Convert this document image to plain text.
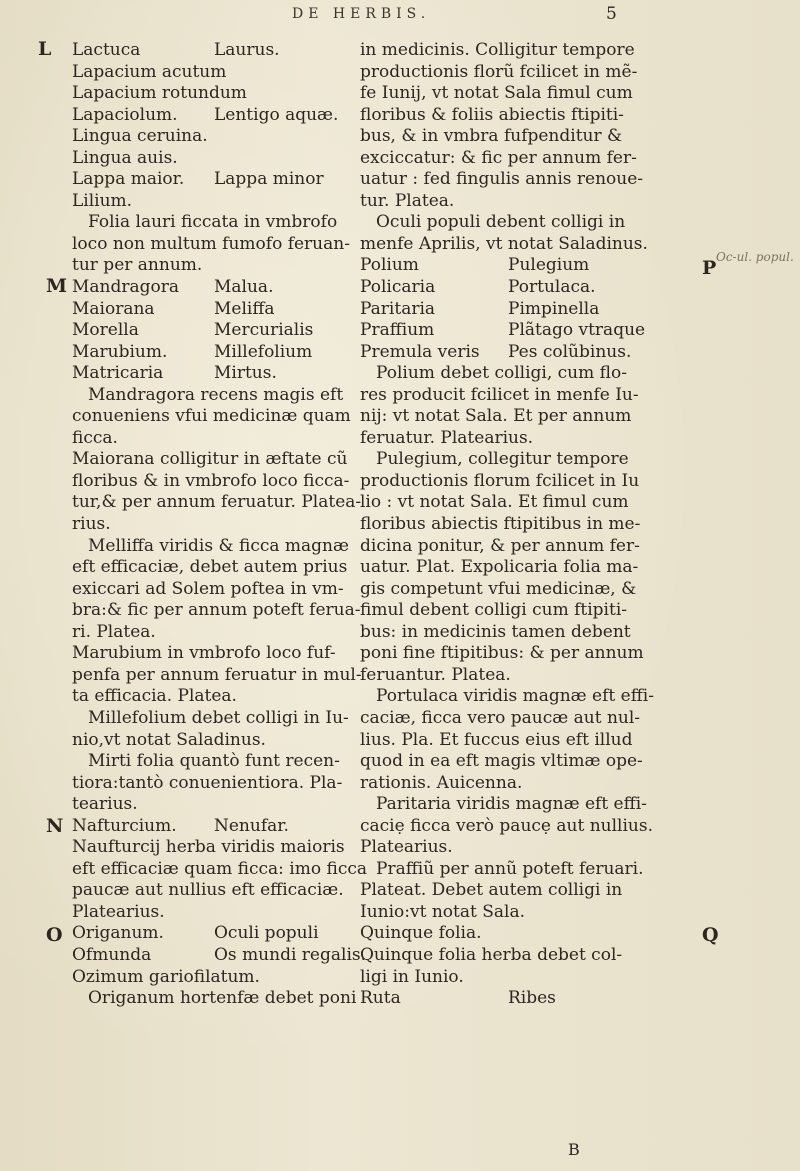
DE HERBIS.	5
L
M
N
O
P
Q
Lactuca	Laurus.
Lapacium acutum
Lapacium rotundum
Lapaciolum.	Lentigo aquæ.
Lingua ceruina.
Lingua auis.
Lappa maior.	Lappa minor
Lilium.
Folia lauri ficcata in vmbrofo
loco non multum fumofo feruan-
tur per annum.
Mandragora	Malua.
Maiorana	Meliffa
Morella	Mercurialis
Marubium.	Millefolium
Matricaria	Mirtus.
Mandragora recens magis eft
conueniens vfui medicinæ quam
ficca.
Maiorana colligitur in æftate cũ
floribus & in vmbrofo loco ficca-
tur,& per annum feruatur. Platea-
rius.
Melliffa viridis & ficca magnæ
eft efficaciæ, debet autem prius
exiccari ad Solem poftea in vm-
bra:& fic per annum poteft ferua-
ri. Platea.
Marubium in vmbrofo loco fuf-
penfa per annum feruatur in mul-
ta efficacia. Platea.
Millefolium debet colligi in Iu-
nio,vt notat Saladinus.
Mirti folia quantò funt recen-
tiora:tantò conuenientiora. Pla-
tearius.
Nafturcium.	Nenufar.
Naufturcij herba viridis maioris
eft efficaciæ quam ficca: imo ficca
paucæ aut nullius eft efficaciæ.
Platearius.
Origanum.	Oculi populi
Ofmunda	Os mundi regalis.
Ozimum gariofilatum.
Origanum hortenfæ debet poni
in medicinis. Colligitur tempore
productionis florũ fcilicet in mẽ-
fe Iunij, vt notat Sala fimul cum
floribus & foliis abiectis ftipiti-
bus, & in vmbra fufpenditur &
exciccatur: & fic per annum fer-
uatur : fed fingulis annis renoue-
tur. Platea.
Oculi populi debent colligi in
menfe Aprilis, vt notat Saladinus.
Polium	Pulegium
Policaria	Portulaca.
Paritaria	Pimpinella
Praffium	Plãtago vtraque
Premula veris	Pes colũbinus.
Polium debet colligi, cum flo-
res producit fcilicet in menfe Iu-
nij: vt notat Sala. Et per annum
feruatur. Platearius.
Pulegium, collegitur tempore
productionis florum fcilicet in Iu
lio : vt notat Sala. Et fimul cum
floribus abiectis ftipitibus in me-
dicina ponitur, & per annum fer-
uatur. Plat. Expolicaria folia ma-
gis competunt vfui medicinæ, &
fimul debent colligi cum ftipiti-
bus: in medicinis tamen debent
poni fine ftipitibus: & per annum
feruantur. Platea.
Portulaca viridis magnæ eft effi-
caciæ, ficca vero paucæ aut nul-
lius. Pla. Et fuccus eius eft illud
quod in ea eft magis vltimæ ope-
rationis. Auicenna.
Paritaria viridis magnæ eft effi-
caciẹ ficca verò paucẹ aut nullius.
Platearius.
Praffiũ per annũ poteft feruari.
Plateat. Debet autem colligi in
Iunio:vt notat Sala.
Quinque folia.
Quinque folia herba debet col-
ligi in Iunio.
Ruta	Ribes
Oc-ul. popul.
B
